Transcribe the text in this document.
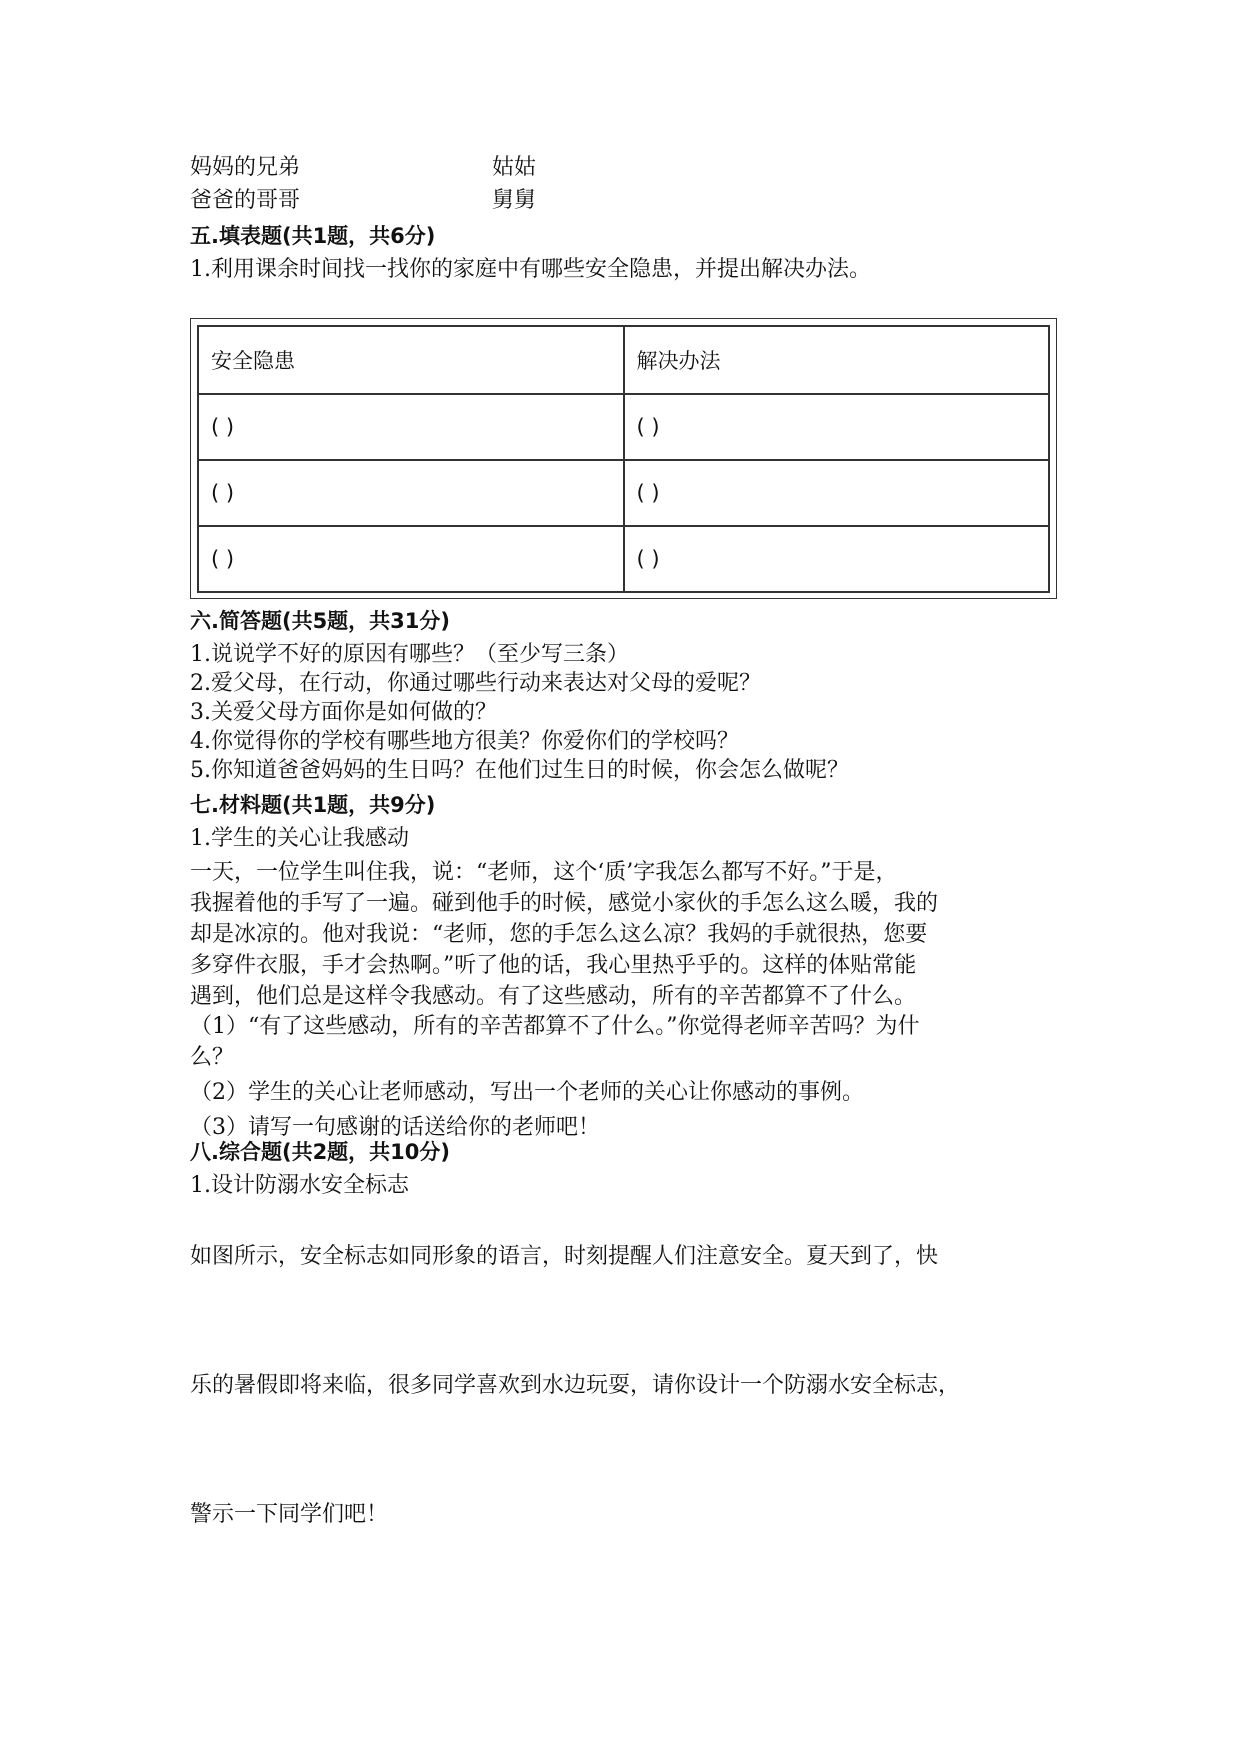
妈妈的兄弟	姑姑
爸爸的哥哥	舅舅
五.填表题(共1题，共6分)
1.利用课余时间找一找你的家庭中有哪些安全隐患，并提出解决办法。
安全隐患	解决办法
( )	( )
( )	( )
( )	( )
六.简答题(共5题，共31分)
1.说说学不好的原因有哪些？（至少写三条）
2.爱父母，在行动，你通过哪些行动来表达对父母的爱呢？
3.关爱父母方面你是如何做的？
4.你觉得你的学校有哪些地方很美？你爱你们的学校吗？
5.你知道爸爸妈妈的生日吗？在他们过生日的时候，你会怎么做呢？
七.材料题(共1题，共9分)
1.学生的关心让我感动
一天，一位学生叫住我，说：“老师，这个‘质’字我怎么都写不好。”于是，
我握着他的手写了一遍。碰到他手的时候，感觉小家伙的手怎么这么暖，我的
却是冰凉的。他对我说：“老师，您的手怎么这么凉？我妈的手就很热，您要
多穿件衣服，手才会热啊。”听了他的话，我心里热乎乎的。这样的体贴常能
遇到，他们总是这样令我感动。有了这些感动，所有的辛苦都算不了什么。
（1）“有了这些感动，所有的辛苦都算不了什么。”你觉得老师辛苦吗？为什
么？
（2）学生的关心让老师感动，写出一个老师的关心让你感动的事例。
（3）请写一句感谢的话送给你的老师吧！
八.综合题(共2题，共10分)
1.设计防溺水安全标志
如图所示，安全标志如同形象的语言，时刻提醒人们注意安全。夏天到了，快
乐的暑假即将来临，很多同学喜欢到水边玩耍，请你设计一个防溺水安全标志，
警示一下同学们吧！
